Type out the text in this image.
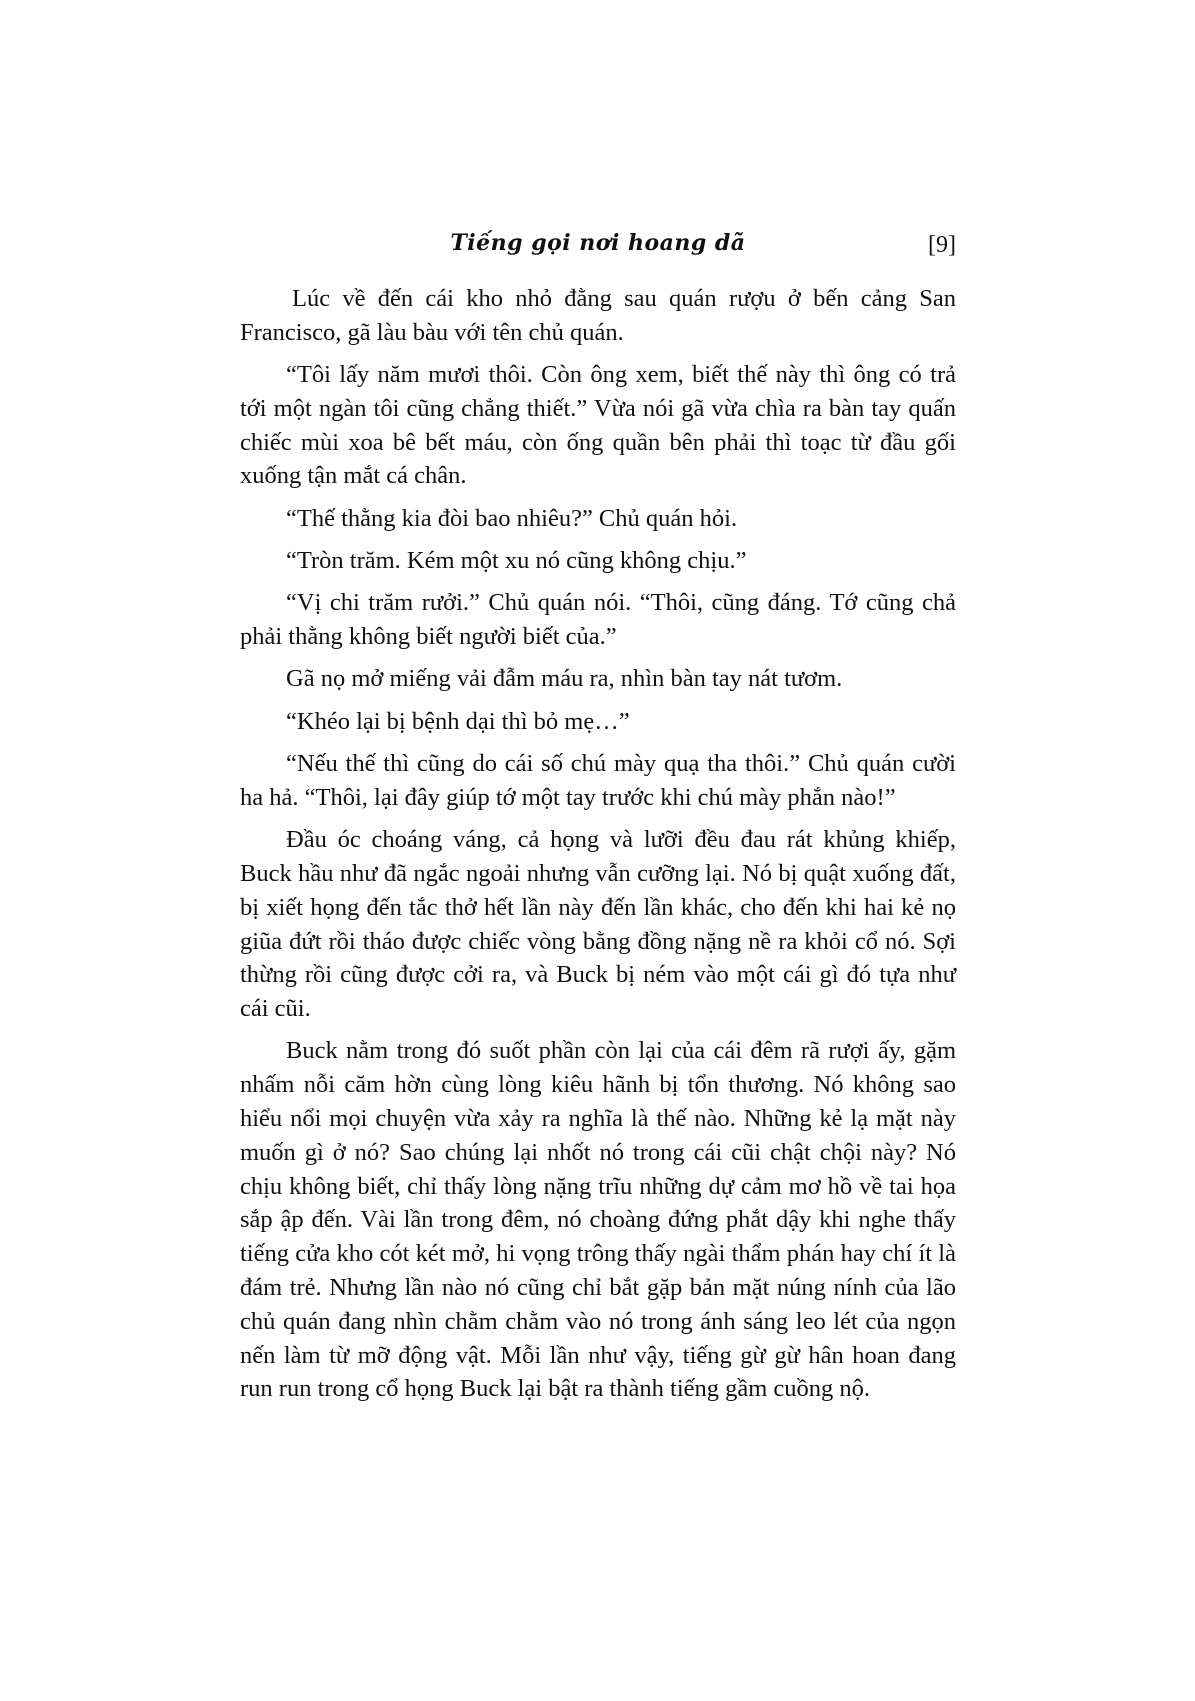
Tiếng gọi nơi hoang dã	[9]

Lúc về đến cái kho nhỏ đằng sau quán rượu ở bến cảng San Francisco, gã làu bàu với tên chủ quán.

“Tôi lấy năm mươi thôi. Còn ông xem, biết thế này thì ông có trả tới một ngàn tôi cũng chẳng thiết.” Vừa nói gã vừa chìa ra bàn tay quấn chiếc mùi xoa bê bết máu, còn ống quần bên phải thì toạc từ đầu gối xuống tận mắt cá chân.

“Thế thằng kia đòi bao nhiêu?” Chủ quán hỏi.

“Tròn trăm. Kém một xu nó cũng không chịu.”

“Vị chi trăm rưởi.” Chủ quán nói. “Thôi, cũng đáng. Tớ cũng chả phải thằng không biết người biết của.”

Gã nọ mở miếng vải đẫm máu ra, nhìn bàn tay nát tươm.

“Khéo lại bị bệnh dại thì bỏ mẹ…”

“Nếu thế thì cũng do cái số chú mày quạ tha thôi.” Chủ quán cười ha hả. “Thôi, lại đây giúp tớ một tay trước khi chú mày phắn nào!”

Đầu óc choáng váng, cả họng và lưỡi đều đau rát khủng khiếp, Buck hầu như đã ngắc ngoải nhưng vẫn cưỡng lại. Nó bị quật xuống đất, bị xiết họng đến tắc thở hết lần này đến lần khác, cho đến khi hai kẻ nọ giũa đứt rồi tháo được chiếc vòng bằng đồng nặng nề ra khỏi cổ nó. Sợi thừng rồi cũng được cởi ra, và Buck bị ném vào một cái gì đó tựa như cái cũi.

Buck nằm trong đó suốt phần còn lại của cái đêm rã rượi ấy, gặm nhấm nỗi căm hờn cùng lòng kiêu hãnh bị tổn thương. Nó không sao hiểu nổi mọi chuyện vừa xảy ra nghĩa là thế nào. Những kẻ lạ mặt này muốn gì ở nó? Sao chúng lại nhốt nó trong cái cũi chật chội này? Nó chịu không biết, chỉ thấy lòng nặng trĩu những dự cảm mơ hồ về tai họa sắp ập đến. Vài lần trong đêm, nó choàng đứng phắt dậy khi nghe thấy tiếng cửa kho cót két mở, hi vọng trông thấy ngài thẩm phán hay chí ít là đám trẻ. Nhưng lần nào nó cũng chỉ bắt gặp bản mặt núng nính của lão chủ quán đang nhìn chằm chằm vào nó trong ánh sáng leo lét của ngọn nến làm từ mỡ động vật. Mỗi lần như vậy, tiếng gừ gừ hân hoan đang run run trong cổ họng Buck lại bật ra thành tiếng gầm cuồng nộ.
